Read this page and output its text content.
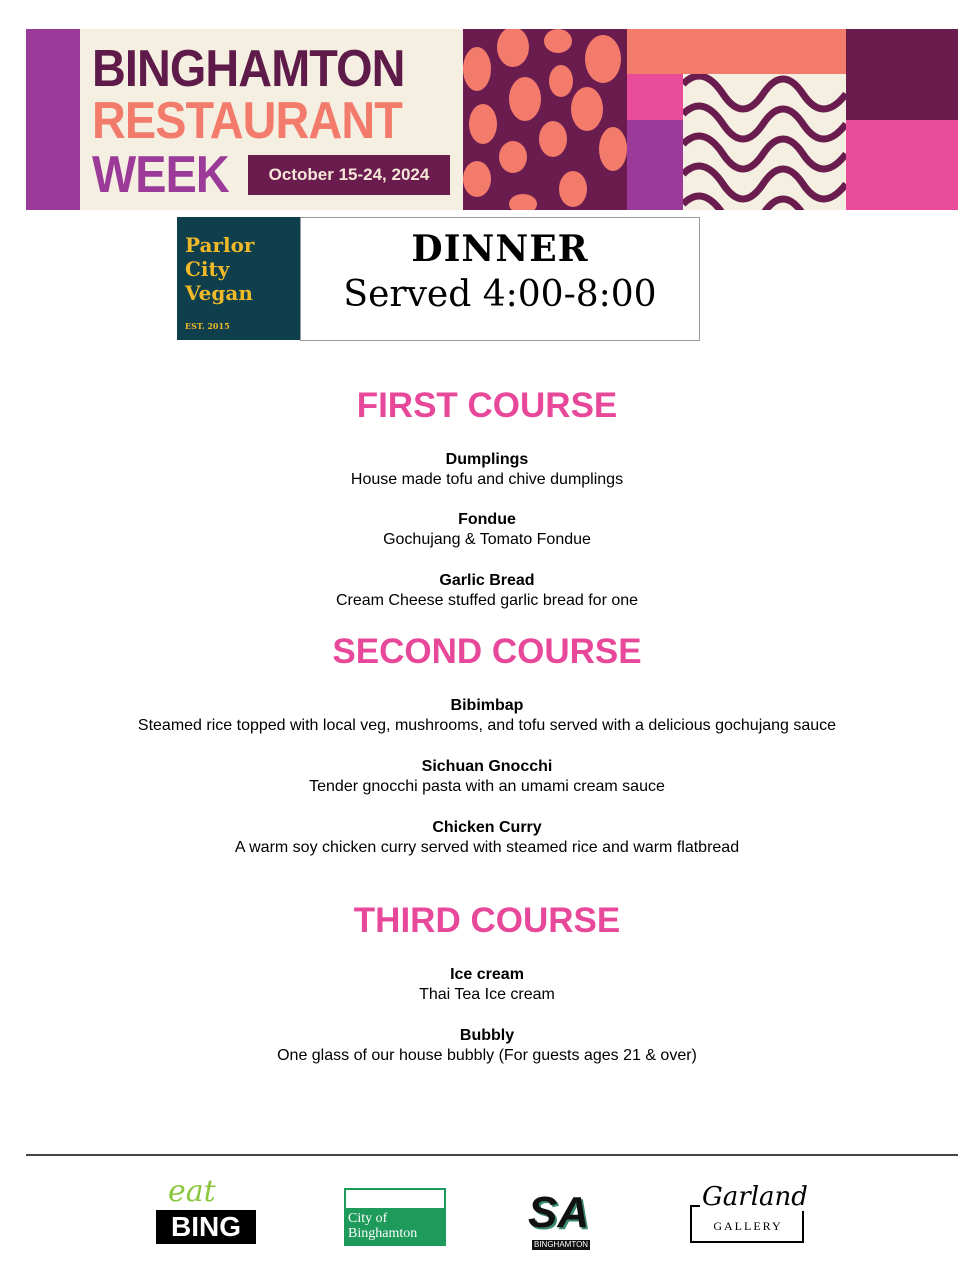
BINGHAMTON
RESTAURANT
WEEK	October 15-24, 2024
Parlor City Vegan
EST. 2015
DINNER
Served 4:00-8:00
FIRST COURSE
Dumplings
House made tofu and chive dumplings
Fondue
Gochujang & Tomato Fondue
Garlic Bread
Cream Cheese stuffed garlic bread for one
SECOND COURSE
Bibimbap
Steamed rice topped with local veg, mushrooms, and tofu served with a delicious gochujang sauce
Sichuan Gnocchi
Tender gnocchi pasta with an umami cream sauce
Chicken Curry
A warm soy chicken curry served with steamed rice and warm flatbread
THIRD COURSE
Ice cream
Thai Tea Ice cream
Bubbly
One glass of our house bubbly (For guests ages 21 & over)
eat
BING	City of
Binghamton	SA
BINGHAMTON
Garland
GALLERY
